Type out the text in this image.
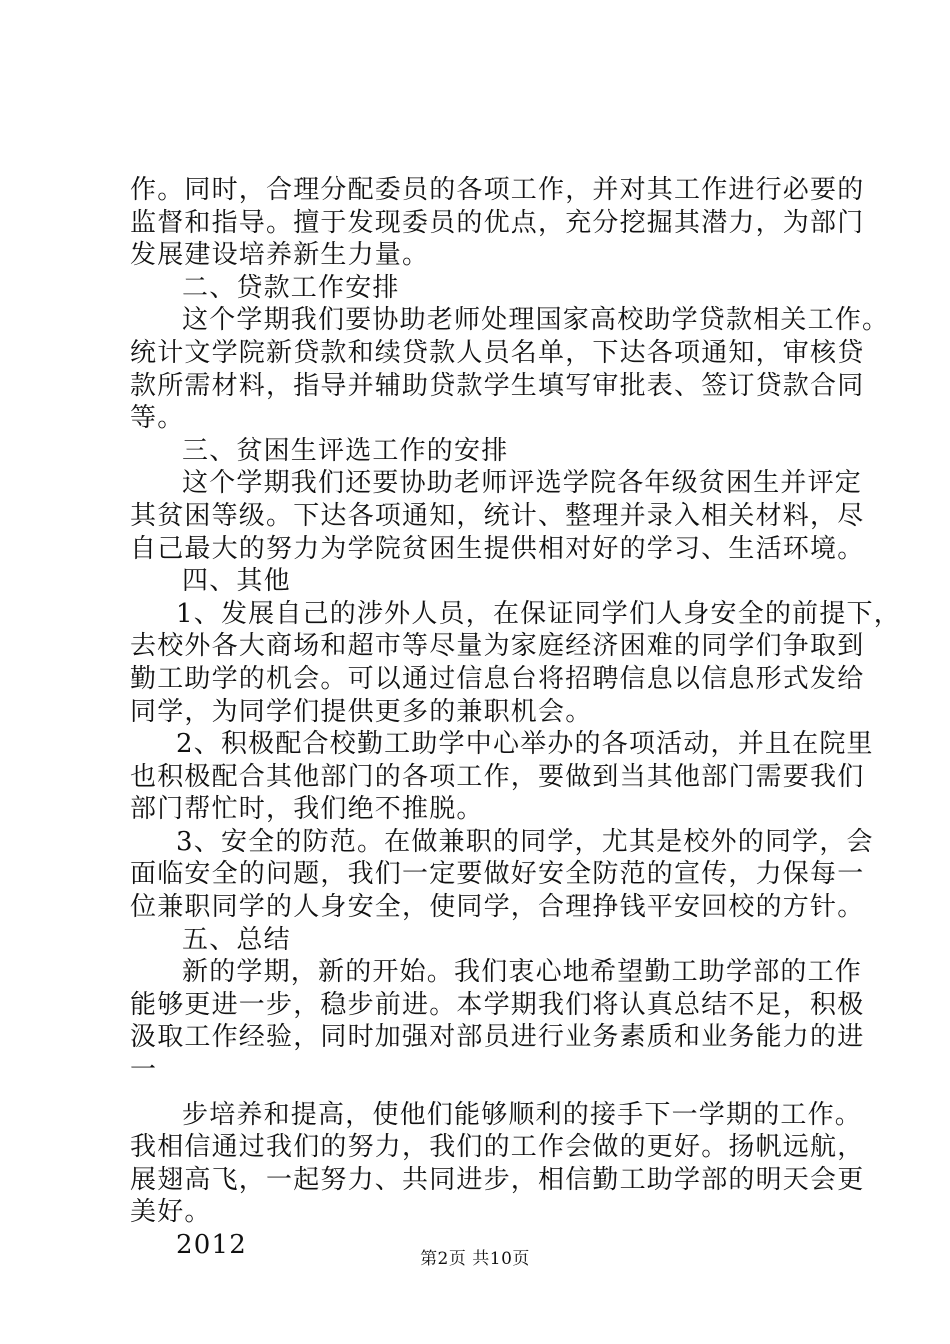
作。同时，合理分配委员的各项工作，并对其工作进行必要的
监督和指导。擅于发现委员的优点，充分挖掘其潜力，为部门
发展建设培养新生力量。
二、贷款工作安排
这个学期我们要协助老师处理国家高校助学贷款相关工作。
统计文学院新贷款和续贷款人员名单，下达各项通知，审核贷
款所需材料，指导并辅助贷款学生填写审批表、签订贷款合同
等。
三、贫困生评选工作的安排
这个学期我们还要协助老师评选学院各年级贫困生并评定
其贫困等级。下达各项通知，统计、整理并录入相关材料，尽
自己最大的努力为学院贫困生提供相对好的学习、生活环境。
四、其他
1、发展自己的涉外人员，在保证同学们人身安全的前提下，
去校外各大商场和超市等尽量为家庭经济困难的同学们争取到
勤工助学的机会。可以通过信息台将招聘信息以信息形式发给
同学，为同学们提供更多的兼职机会。
2、积极配合校勤工助学中心举办的各项活动，并且在院里
也积极配合其他部门的各项工作，要做到当其他部门需要我们
部门帮忙时，我们绝不推脱。
3、安全的防范。在做兼职的同学，尤其是校外的同学，会
面临安全的问题，我们一定要做好安全防范的宣传，力保每一
位兼职同学的人身安全，使同学，合理挣钱平安回校的方针。
五、总结
新的学期，新的开始。我们衷心地希望勤工助学部的工作
能够更进一步，稳步前进。本学期我们将认真总结不足，积极
汲取工作经验，同时加强对部员进行业务素质和业务能力的进
一
步培养和提高，使他们能够顺利的接手下一学期的工作。
我相信通过我们的努力，我们的工作会做的更好。扬帆远航，
展翅高飞，一起努力、共同进步，相信勤工助学部的明天会更
美好。
2012	第2页 共10页
